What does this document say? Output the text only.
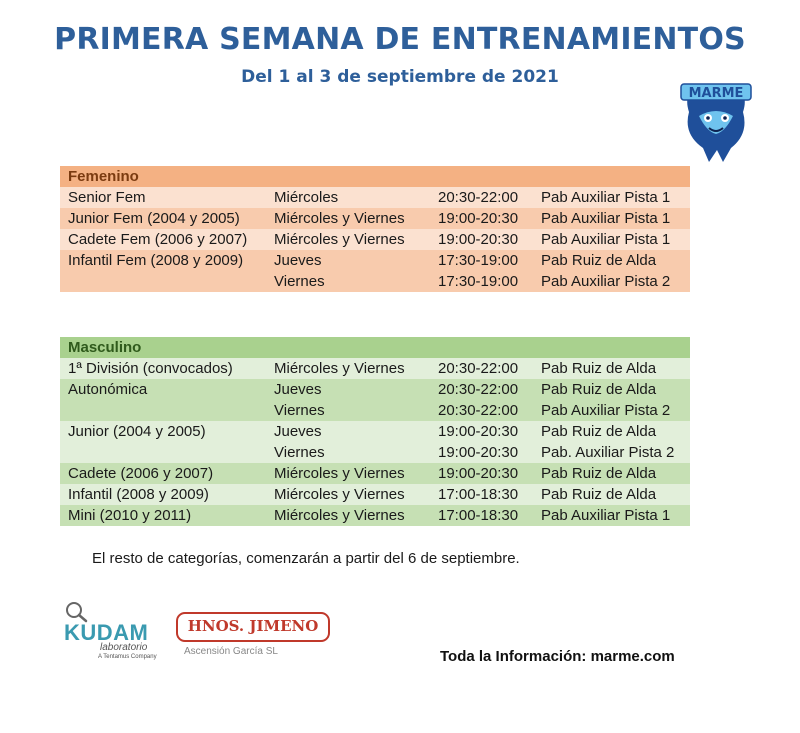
PRIMERA SEMANA DE ENTRENAMIENTOS
Del 1 al 3 de septiembre de 2021
MARME
Femenino
Senior Fem	Miércoles	20:30-22:00 Pab Auxiliar Pista 1
Junior Fem (2004 y 2005) Miércoles y Viernes 19:00-20:30 Pab Auxiliar Pista 1
Cadete Fem (2006 y 2007) Miércoles y Viernes 19:00-20:30 Pab Auxiliar Pista 1
Infantil Fem (2008 y 2009) Jueves	17:30-19:00 Pab Ruiz de Alda
Viernes	17:30-19:00 Pab Auxiliar Pista 2
Masculino
1ª División (convocados)	Miércoles y Viernes 20:30-22:00 Pab Ruiz de Alda
Autonómica	Jueves	20:30-22:00 Pab Ruiz de Alda
Viernes	20:30-22:00 Pab Auxiliar Pista 2
Junior (2004 y 2005)	Jueves	19:00-20:30 Pab Ruiz de Alda
Viernes	19:00-20:30 Pab. Auxiliar Pista 2
Cadete (2006 y 2007)	Miércoles y Viernes 19:00-20:30 Pab Ruiz de Alda
Infantil (2008 y 2009)	Miércoles y Viernes 17:00-18:30 Pab Ruiz de Alda
Mini (2010 y 2011)	Miércoles y Viernes 17:00-18:30 Pab Auxiliar Pista 1
El resto de categorías, comenzarán a partir del 6 de septiembre.
KUDAM
laboratorio
A Tentamus Company
HNOS. JIMENO
Ascensión García SL	Toda la Información: marme.com
